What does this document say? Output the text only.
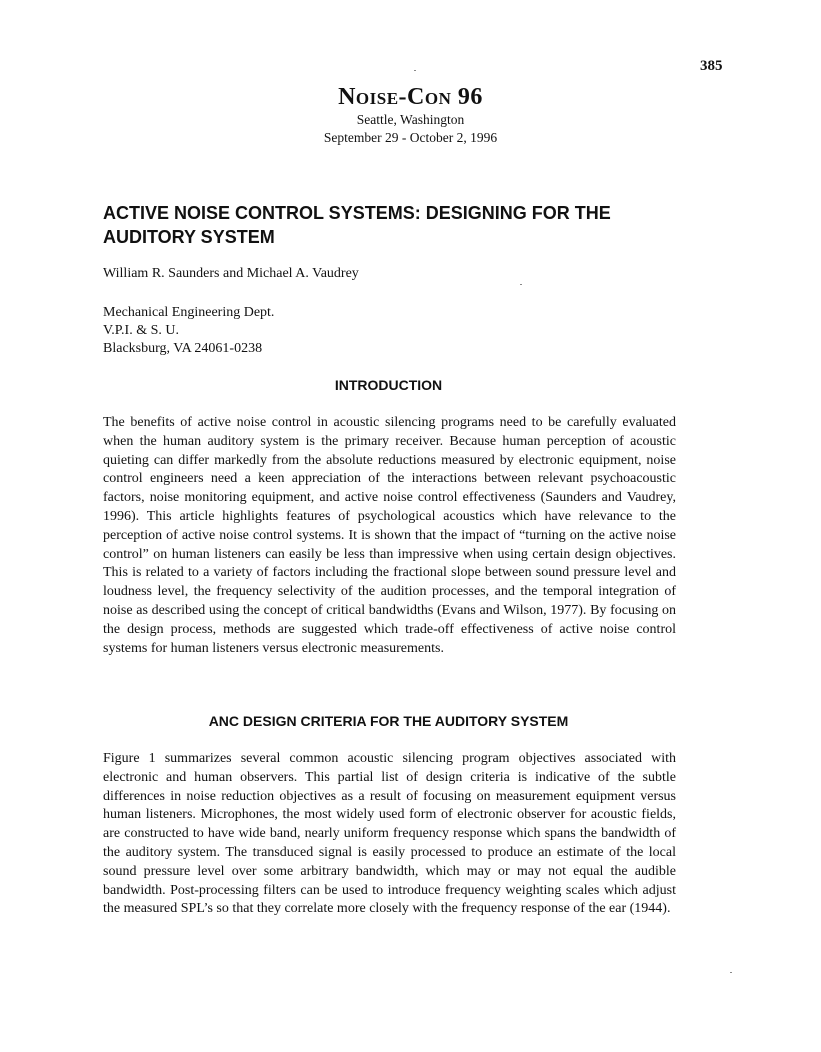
385
Noise-Con 96
Seattle, Washington
September 29 - October 2, 1996
ACTIVE NOISE CONTROL SYSTEMS: DESIGNING FOR THE AUDITORY SYSTEM
William R. Saunders and Michael A. Vaudrey
Mechanical Engineering Dept.
V.P.I. & S. U.
Blacksburg, VA 24061-0238
INTRODUCTION

The benefits of active noise control in acoustic silencing programs need to be carefully evaluated when the human auditory system is the primary receiver. Because human perception of acoustic quieting can differ markedly from the absolute reductions measured by electronic equipment, noise control engineers need a keen appreciation of the interactions between relevant psychoacoustic factors, noise monitoring equipment, and active noise control effectiveness (Saunders and Vaudrey, 1996). This article highlights features of psychological acoustics which have relevance to the perception of active noise control systems. It is shown that the impact of “turning on the active noise control” on human listeners can easily be less than impressive when using certain design objectives. This is related to a variety of factors including the fractional slope between sound pressure level and loudness level, the frequency selectivity of the audition processes, and the temporal integration of noise as described using the concept of critical bandwidths (Evans and Wilson, 1977). By focusing on the design process, methods are suggested which trade-off effectiveness of active noise control systems for human listeners versus electronic measurements.

ANC DESIGN CRITERIA FOR THE AUDITORY SYSTEM

Figure 1 summarizes several common acoustic silencing program objectives associated with electronic and human observers. This partial list of design criteria is indicative of the subtle differences in noise reduction objectives as a result of focusing on measurement equipment versus human listeners. Microphones, the most widely used form of electronic observer for acoustic fields, are constructed to have wide band, nearly uniform frequency response which spans the bandwidth of the auditory system. The transduced signal is easily processed to produce an estimate of the local sound pressure level over some arbitrary bandwidth, which may or may not equal the audible bandwidth. Post-processing filters can be used to introduce frequency weighting scales which adjust the measured SPL’s so that they correlate more closely with the frequency response of the ear (1944).
